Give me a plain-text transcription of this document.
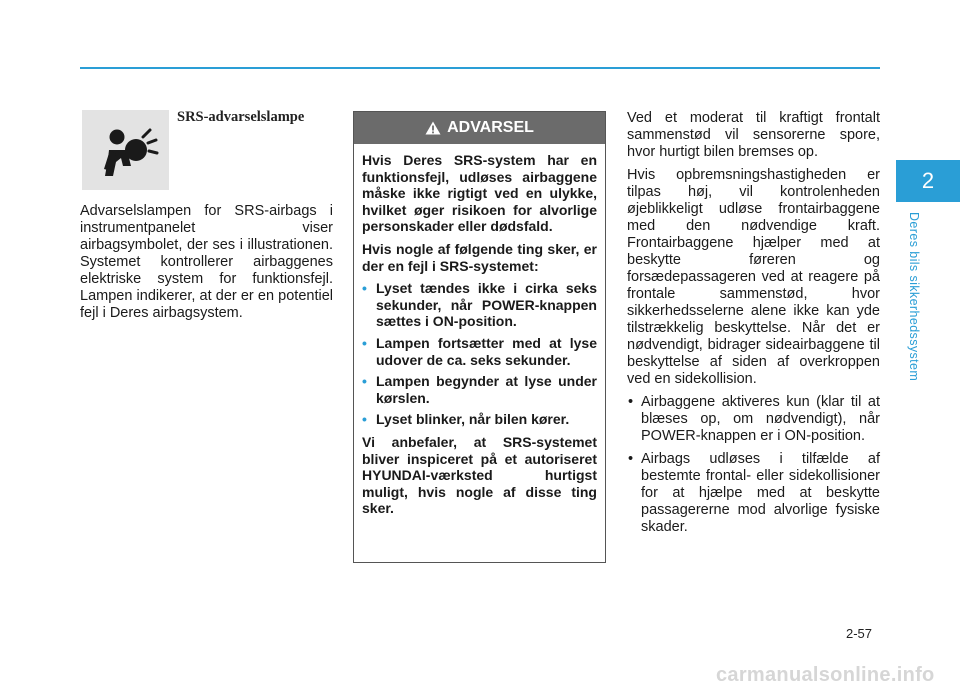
2
Deres bils sikkerhedssystem
SRS-advarselslampe

Advarselslampen for SRS-airbags i instrumentpanelet viser airbagsymbolet, der ses i illustrationen. Systemet kontrollerer airbaggenes elektriske system for funktionsfejl. Lampen indikerer, at der er en potentiel fejl i Deres airbagsystem.

ADVARSEL

Hvis Deres SRS-system har en funktionsfejl, udløses airbaggene måske ikke rigtigt ved en ulykke, hvilket øger risikoen for alvorlige personskader eller dødsfald.

Hvis nogle af følgende ting sker, er der en fejl i SRS-systemet:

• Lyset tændes ikke i cirka seks sekunder, når POWER-knappen sættes i ON-position.
• Lampen fortsætter med at lyse udover de ca. seks sekunder.
• Lampen begynder at lyse under kørslen.
• Lyset blinker, når bilen kører.

Vi anbefaler, at SRS-systemet bliver inspiceret på et autoriseret HYUNDAI-værksted hurtigst muligt, hvis nogle af disse ting sker.

Ved et moderat til kraftigt frontalt sammenstød vil sensorerne spore, hvor hurtigt bilen bremses op.

Hvis opbremsningshastigheden er tilpas høj, vil kontrolenheden øjeblikkeligt udløse frontairbaggene med den nødvendige kraft. Frontairbaggene hjælper med at beskytte føreren og forsædepassageren ved at reagere på frontale sammenstød, hvor sikkerhedsselerne alene ikke kan yde tilstrækkelig beskyttelse. Når det er nødvendigt, bidrager sideairbaggene til beskyttelse af siden af overkroppen ved en sidekollision.

• Airbaggene aktiveres kun (klar til at blæses op, om nødvendigt), når POWER-knappen er i ON-position.
• Airbags udløses i tilfælde af bestemte frontal- eller sidekollisioner for at hjælpe med at beskytte passagererne mod alvorlige fysiske skader.
2-57
carmanualsonline.info
